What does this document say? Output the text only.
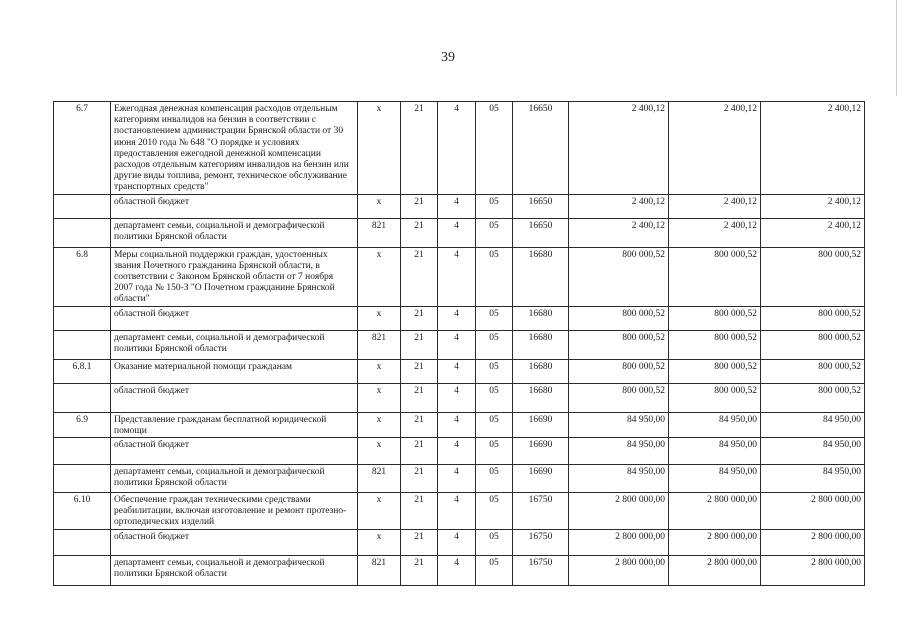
39
6.7	Ежегодная денежная компенсация расходов отдельным категориям инвалидов на бензин в соответствии с постановлением администрации Брянской области от 30 июня 2010 года № 648 "О порядке и условиях предоставления ежегодной денежной компенсации расходов отдельным категориям инвалидов на бензин или другие виды топлива, ремонт, техническое обслуживание транспортных средств"	х	21	4	05	16650	2 400,12	2 400,12	2 400,12
	областной бюджет	х	21	4	05	16650	2 400,12	2 400,12	2 400,12
	департамент семьи, социальной и демографической политики Брянской области	821	21	4	05	16650	2 400,12	2 400,12	2 400,12
6.8	Меры социальной поддержки граждан, удостоенных звания Почетного гражданина Брянской области, в соответствии с Законом Брянской области от 7 ноября 2007 года № 150-З "О Почетном гражданине Брянской области"	х	21	4	05	16680	800 000,52	800 000,52	800 000,52
	областной бюджет	х	21	4	05	16680	800 000,52	800 000,52	800 000,52
	департамент семьи, социальной и демографической политики Брянской области	821	21	4	05	16680	800 000,52	800 000,52	800 000,52
6.8.1	Оказание материальной помощи гражданам	х	21	4	05	16680	800 000,52	800 000,52	800 000,52
	областной бюджет	х	21	4	05	16680	800 000,52	800 000,52	800 000,52
6.9	Представление гражданам бесплатной юридической помощи	х	21	4	05	16690	84 950,00	84 950,00	84 950,00
	областной бюджет	х	21	4	05	16690	84 950,00	84 950,00	84 950,00
	департамент семьи, социальной и демографической политики Брянской области	821	21	4	05	16690	84 950,00	84 950,00	84 950,00
6.10	Обеспечение граждан техническими средствами реабилитации, включая изготовление и ремонт протезно-ортопедических изделий	х	21	4	05	16750	2 800 000,00	2 800 000,00	2 800 000,00
	областной бюджет	х	21	4	05	16750	2 800 000,00	2 800 000,00	2 800 000,00
	департамент семьи, социальной и демографической политики Брянской области	821	21	4	05	16750	2 800 000,00	2 800 000,00	2 800 000,00
